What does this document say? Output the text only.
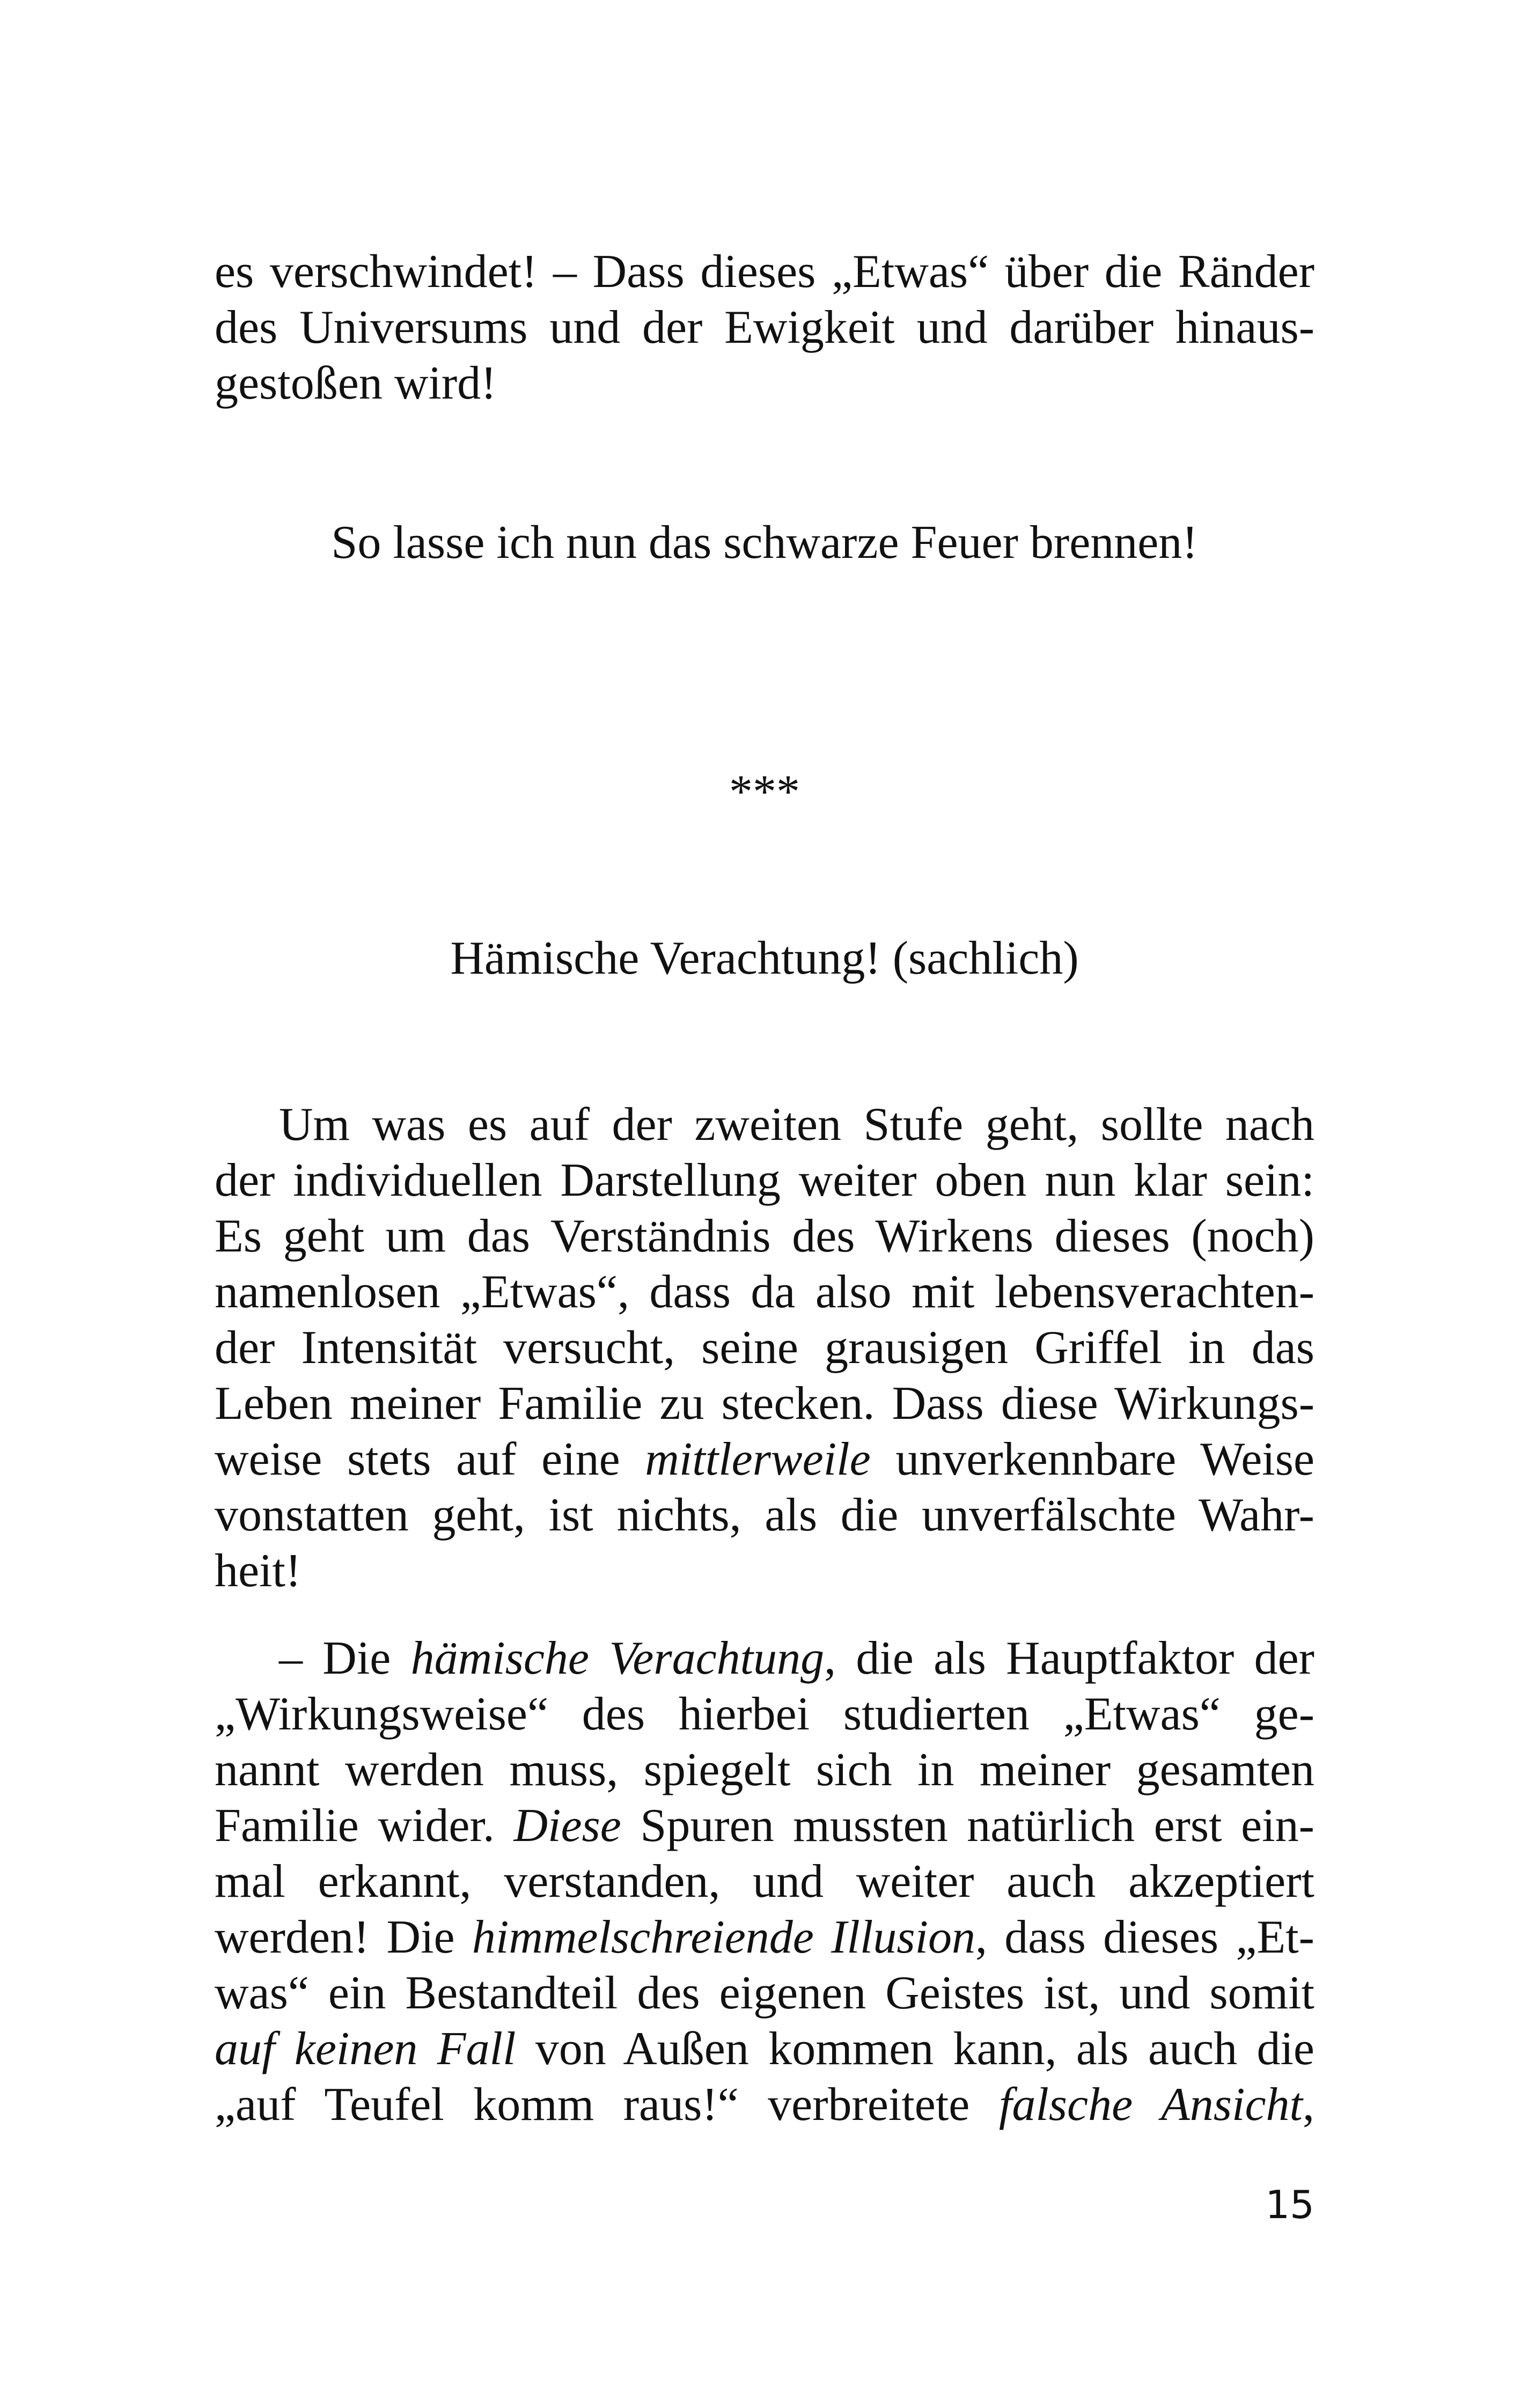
es verschwindet! – Dass dieses „Etwas“ über die Ränder
des Universums und der Ewigkeit und darüber hinaus-
gestoßen wird!

So lasse ich nun das schwarze Feuer brennen!

***

Hämische Verachtung! (sachlich)

Um was es auf der zweiten Stufe geht, sollte nach
der individuellen Darstellung weiter oben nun klar sein:
Es geht um das Verständnis des Wirkens dieses (noch)
namenlosen „Etwas“, dass da also mit lebensverachten-
der Intensität versucht, seine grausigen Griffel in das
Leben meiner Familie zu stecken. Dass diese Wirkungs-
weise stets auf eine mittlerweile unverkennbare Weise
vonstatten geht, ist nichts, als die unverfälschte Wahr-
heit!
– Die hämische Verachtung, die als Hauptfaktor der
„Wirkungsweise“ des hierbei studierten „Etwas“ ge-
nannt werden muss, spiegelt sich in meiner gesamten
Familie wider. Diese Spuren mussten natürlich erst ein-
mal erkannt, verstanden, und weiter auch akzeptiert
werden! Die himmelschreiende Illusion, dass dieses „Et-
was“ ein Bestandteil des eigenen Geistes ist, und somit
auf keinen Fall von Außen kommen kann, als auch die
„auf Teufel komm raus!“ verbreitete falsche Ansicht,
15
